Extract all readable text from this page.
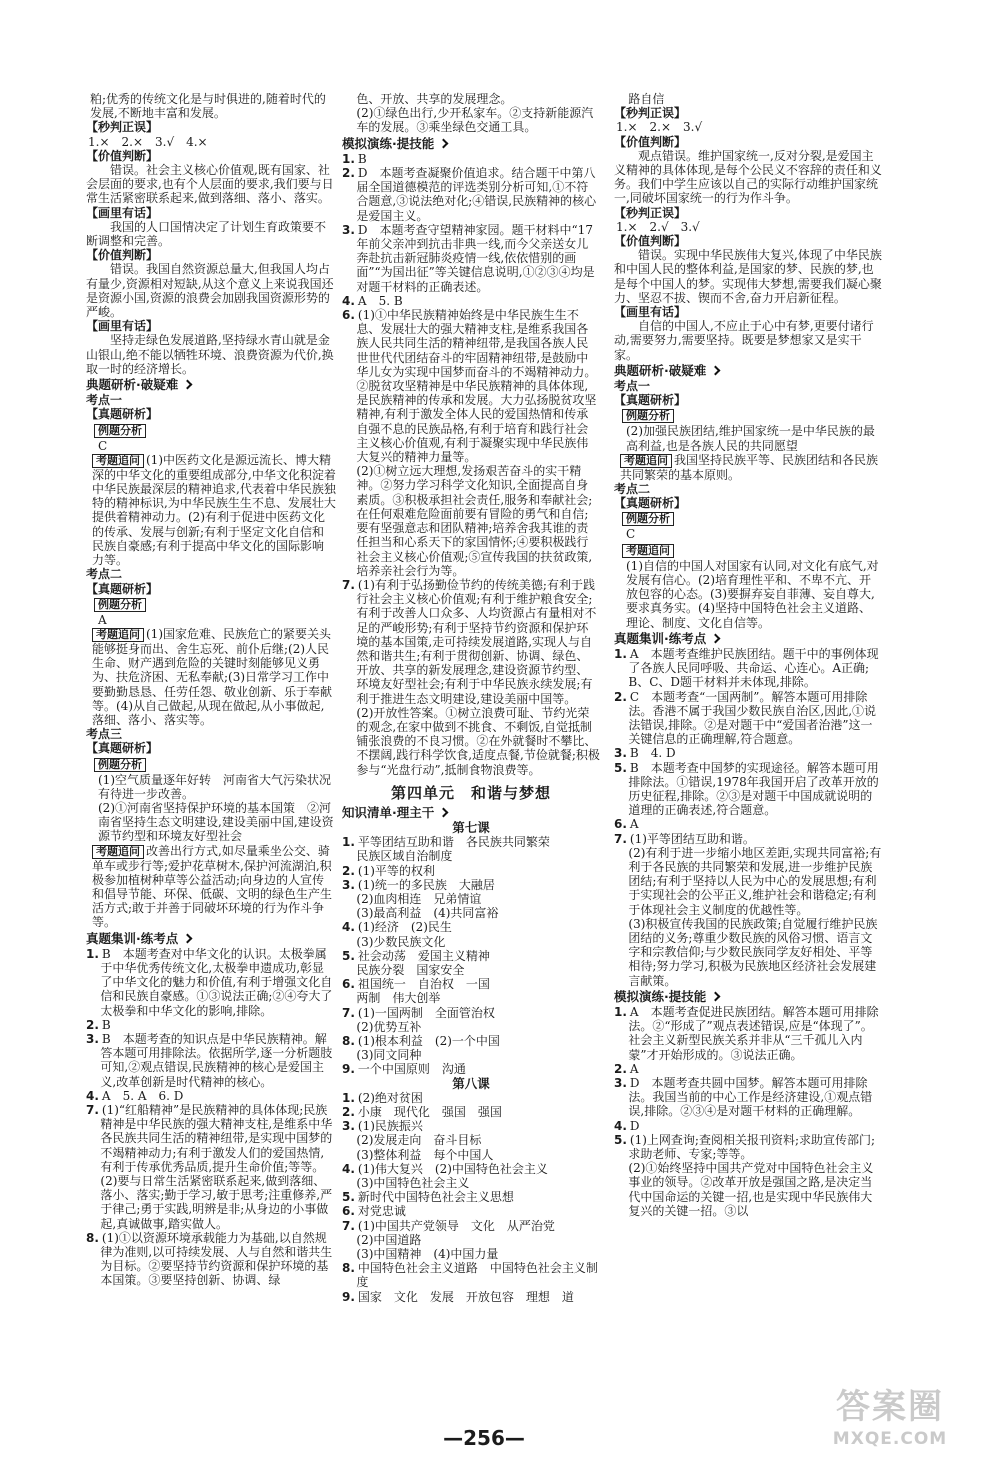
粕;优秀的传统文化是与时俱进的,随着时代的发展,不断地丰富和发展。
【秒判正误】
1.×　2.×　3.√　4.×
【价值判断】
错误。社会主义核心价值观,既有国家、社会层面的要求,也有个人层面的要求,我们要与日常生活紧密联系起来,做到落细、落小、落实。
【画里有话】
我国的人口国情决定了计划生育政策要不断调整和完善。
【价值判断】
错误。我国自然资源总量大,但我国人均占有量少,资源相对短缺,从这个意义上来说我国还是资源小国,资源的浪费会加剧我国资源形势的严峻。
【画里有话】
坚持走绿色发展道路,坚持绿水青山就是金山银山,绝不能以牺牲环境、浪费资源为代价,换取一时的经济增长。
典题研析·破疑难
考点一
【真题研析】
例题分析
C
考题追问 (1)中医药文化是源远流长、博大精深的中华文化的重要组成部分,中华文化积淀着中华民族最深层的精神追求,代表着中华民族独特的精神标识,为中华民族生生不息、发展壮大提供着精神动力。(2)有利于促进中医药文化的传承、发展与创新;有利于坚定文化自信和民族自豪感;有利于提高中华文化的国际影响力等。
考点二
【真题研析】
例题分析
A
考题追问 (1)国家危难、民族危亡的紧要关头能够挺身而出、舍生忘死、前仆后继;(2)人民生命、财产遇到危险的关键时刻能够见义勇为、扶危济困、无私奉献;(3)日常学习工作中要勤勤恳恳、任劳任怨、敬业创新、乐于奉献等。(4)从自己做起,从现在做起,从小事做起,落细、落小、落实等。
考点三
【真题研析】
例题分析
(1)空气质量逐年好转　河南省大气污染状况有待进一步改善。
(2)①河南省坚持保护环境的基本国策　②河南省坚持生态文明建设,建设美丽中国,建设资源节约型和环境友好型社会
考题追问 改善出行方式,如尽量乘坐公交、骑单车或步行等;爱护花草树木,保护河流湖泊,积极参加植树种草等公益活动;向身边的人宣传和倡导节能、环保、低碳、文明的绿色生产生活方式;敢于并善于同破坏环境的行为作斗争等。
真题集训·练考点
1. B　本题考查对中华文化的认识。太极拳属于中华优秀传统文化,太极拳申遗成功,彰显了中华文化的魅力和价值,有利于增强文化自信和民族自豪感。①③说法正确;②④夸大了太极拳和中华文化的影响,排除。
2. B
3. B　本题考查的知识点是中华民族精神。解答本题可用排除法。依据所学,逐一分析题肢可知,②观点错误,民族精神的核心是爱国主义,改革创新是时代精神的核心。
4. A　5. A　6. D
7. (1)“红船精神”是民族精神的具体体现;民族精神是中华民族的强大精神支柱,是维系中华各民族共同生活的精神纽带,是实现中国梦的不竭精神动力;有利于激发人们的爱国热情,有利于传承优秀品质,提升生命价值;等等。
(2)要与日常生活紧密联系起来,做到落细、落小、落实;勤于学习,敏于思考;注重修养,严于律己;勇于实践,明辨是非;从身边的小事做起,真诚做事,踏实做人。
8. (1)①以资源环境承载能力为基础,以自然规律为准则,以可持续发展、人与自然和谐共生为目标。②要坚持节约资源和保护环境的基本国策。③要坚持创新、协调、绿
色、开放、共享的发展理念。
(2)①绿色出行,少开私家车。②支持新能源汽车的发展。③乘坐绿色交通工具。
模拟演练·提技能
1. B
2. D　本题考查凝聚价值追求。结合题干中第八届全国道德模范的评选类别分析可知,①不符合题意,③说法绝对化;④错误,民族精神的核心是爱国主义。
3. D　本题考查守望精神家园。题干材料中“17年前父亲冲到抗击非典一线,而今父亲送女儿奔赴抗击新冠肺炎疫情一线,依依惜别的画面”“为国出征”等关键信息说明,①②③④均是对题干材料的正确表述。
4. A　5. B
6. (1)①中华民族精神始终是中华民族生生不息、发展壮大的强大精神支柱,是维系我国各族人民共同生活的精神纽带,是我国各族人民世世代代团结奋斗的牢固精神纽带,是鼓励中华儿女为实现中国梦而奋斗的不竭精神动力。②脱贫攻坚精神是中华民族精神的具体体现,是民族精神的传承和发展。大力弘扬脱贫攻坚精神,有利于激发全体人民的爱国热情和传承自强不息的民族品格,有利于培育和践行社会主义核心价值观,有利于凝聚实现中华民族伟大复兴的精神力量等。
(2)①树立远大理想,发扬艰苦奋斗的实干精神。②努力学习科学文化知识,全面提高自身素质。③积极承担社会责任,服务和奉献社会;在任何艰难危险面前要有冒险的勇气和自信;要有坚强意志和团队精神;培养舍我其谁的责任担当和心系天下的家国情怀;④要积极践行社会主义核心价值观;⑤宣传我国的扶贫政策,培养亲社会行为等。
7. (1)有利于弘扬勤俭节约的传统美德;有利于践行社会主义核心价值观;有利于维护粮食安全;有利于改善人口众多、人均资源占有量相对不足的严峻形势;有利于坚持节约资源和保护环境的基本国策,走可持续发展道路,实现人与自然和谐共生;有利于贯彻创新、协调、绿色、开放、共享的新发展理念,建设资源节约型、环境友好型社会;有利于中华民族永续发展;有利于推进生态文明建设,建设美丽中国等。
(2)开放性答案。①树立浪费可耻、节约光荣的观念,在家中做到不挑食、不剩饭,自觉抵制铺张浪费的不良习惯。②在外就餐时不攀比、不摆阔,践行科学饮食,适度点餐,节俭就餐;积极参与“光盘行动”,抵制食物浪费等。
第四单元　和谐与梦想
知识清单·理主干
第七课
1. 平等团结互助和谐　各民族共同繁荣
民族区域自治制度
2. (1)平等的权利
3. (1)统一的多民族　大融居
(2)血肉相连　兄弟情谊
(3)最高利益　(4)共同富裕
4. (1)经济　(2)民生
(3)少数民族文化
5. 社会动荡　爱国主义精神
民族分裂　国家安全
6. 祖国统一　自治权　一国
两制　伟大创举
7. (1)一国两制　全面管治权
(2)优势互补
8. (1)根本利益　(2)一个中国
(3)同文同种
9. 一个中国原则　沟通
第八课
1. (2)绝对贫困
2. 小康　现代化　强国　强国
3. (1)民族振兴
(2)发展走向　奋斗目标
(3)整体利益　每个中国人
4. (1)伟大复兴　(2)中国特色社会主义
(3)中国特色社会主义
5. 新时代中国特色社会主义思想
6. 对党忠诚
7. (1)中国共产党领导　文化　从严治党
(2)中国道路
(3)中国精神　(4)中国力量
8. 中国特色社会主义道路　中国特色社会主义制度
9. 国家　文化　发展　开放包容　理想　道
路自信
【秒判正误】
1.×　2.×　3.√
【价值判断】
观点错误。维护国家统一,反对分裂,是爱国主义精神的具体体现,是每个公民义不容辞的责任和义务。我们中学生应该以自己的实际行动维护国家统一,同破坏国家统一的行为作斗争。
【秒判正误】
1.×　2.√　3.√
【价值判断】
错误。实现中华民族伟大复兴,体现了中华民族和中国人民的整体利益,是国家的梦、民族的梦,也是每个中国人的梦。实现伟大梦想,需要我们凝心聚力、坚忍不拔、锲而不舍,奋力开启新征程。
【画里有话】
自信的中国人,不应止于心中有梦,更要付诸行动,需要努力,需要坚持。既要是梦想家又是实干家。
典题研析·破疑难
考点一
【真题研析】
例题分析
(2)加强民族团结,维护国家统一是中华民族的最高利益,也是各族人民的共同愿望
考题追问 我国坚持民族平等、民族团结和各民族共同繁荣的基本原则。
考点二
【真题研析】
例题分析
C
考题追问
(1)自信的中国人对国家有认同,对文化有底气,对发展有信心。(2)培育理性平和、不卑不亢、开放包容的心态。(3)要摒弃妄自菲薄、妄自尊大,要求真务实。(4)坚持中国特色社会主义道路、理论、制度、文化自信等。
真题集训·练考点
1. A　本题考查维护民族团结。题干中的事例体现了各族人民同呼吸、共命运、心连心。A正确;B、C、D题干材料并未体现,排除。
2. C　本题考查“一国两制”。解答本题可用排除法。香港不属于我国少数民族自治区,因此,①说法错误,排除。②是对题干中“爱国者治港”这一关键信息的正确理解,符合题意。
3. B　4. D
5. B　本题考查中国梦的实现途径。解答本题可用排除法。①错误,1978年我国开启了改革开放的历史征程,排除。②③是对题干中国成就说明的道理的正确表述,符合题意。
6. A
7. (1)平等团结互助和谐。
(2)有利于进一步缩小地区差距,实现共同富裕;有利于各民族的共同繁荣和发展,进一步维护民族团结;有利于坚持以人民为中心的发展思想;有利于实现社会的公平正义,维护社会和谐稳定;有利于体现社会主义制度的优越性等。
(3)积极宣传我国的民族政策;自觉履行维护民族团结的义务;尊重少数民族的风俗习惯、语言文字和宗教信仰;与少数民族同学友好相处、平等相待;努力学习,积极为民族地区经济社会发展建言献策。
模拟演练·提技能
1. A　本题考查促进民族团结。解答本题可用排除法。②“形成了”观点表述错误,应是“体现了”。社会主义新型民族关系并非从“三千孤儿入内蒙”才开始形成的。③说法正确。
2. A
3. D　本题考查共圆中国梦。解答本题可用排除法。我国当前的中心工作是经济建设,①观点错误,排除。②③④是对题干材料的正确理解。
4. D
5. (1)上网查询;查阅相关报刊资料;求助宣传部门;求助老师、专家;等等。
(2)①始终坚持中国共产党对中国特色社会主义事业的领导。②改革开放是强国之路,是决定当代中国命运的关键一招,也是实现中华民族伟大复兴的关键一招。③以
—256—
答案圈
MXQE.COM
